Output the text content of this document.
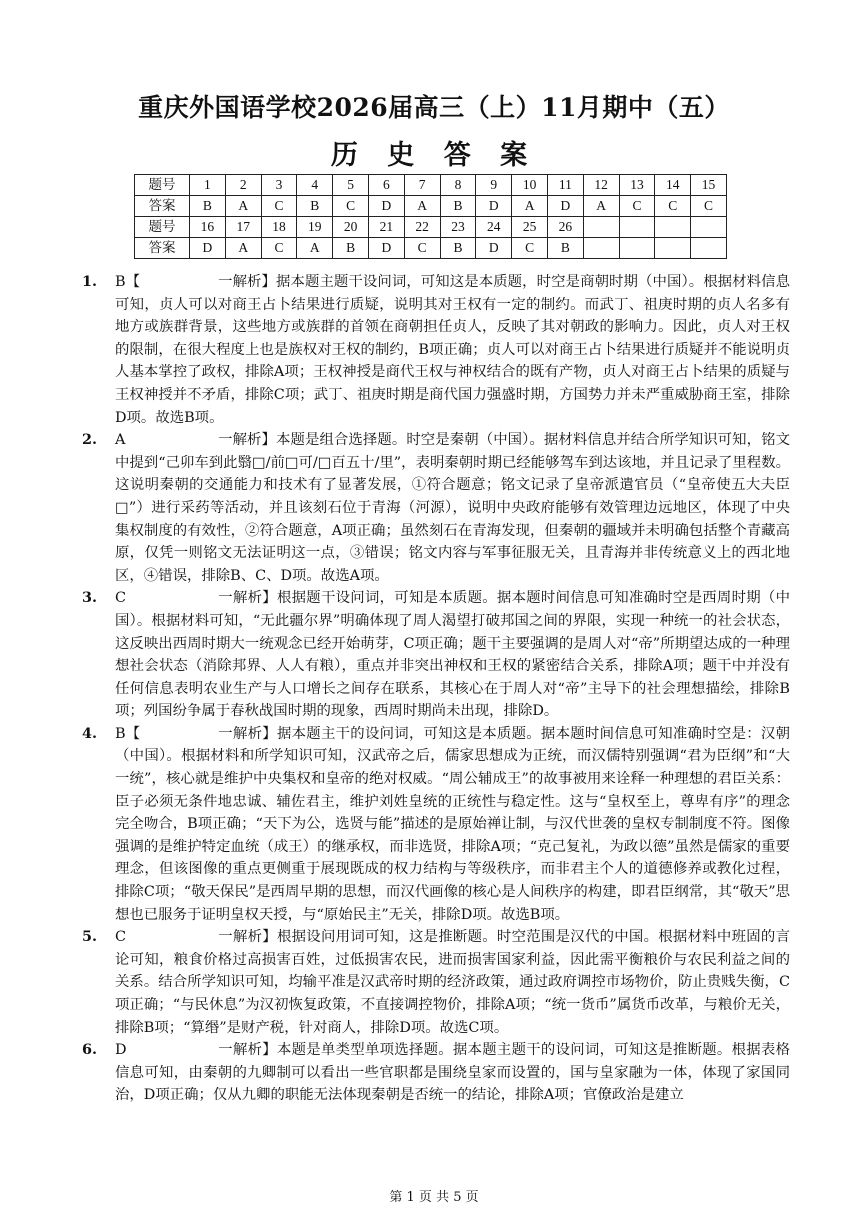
重庆外国语学校2026届高三（上）11月期中（五）
历 史 答 案
题号	1	2	3	4	5	6	7	8	9	10	11	12	13	14	15
答案	B	A	C	B	C	D	A	B	D	A	D	A	C	C	C
题号	16	17	18	19	20	21	22	23	24	25	26				
答案	D	A	C	A	B	D	C	B	D	C	B				

1. B【	一解析】据本题主题干设问词，可知这是本质题，时空是商朝时期（中国）。根据材料信息可知，贞人可以对商王占卜结果进行质疑，说明其对王权有一定的制约。而武丁、祖庚时期的贞人名多有地方或族群背景，这些地方或族群的首领在商朝担任贞人，反映了其对朝政的影响力。因此，贞人对王权的限制，在很大程度上也是族权对王权的制约，B项正确；贞人可以对商王占卜结果进行质疑并不能说明贞人基本掌控了政权，排除A项；王权神授是商代王权与神权结合的既有产物，贞人对商王占卜结果的质疑与王权神授并不矛盾，排除C项；武丁、祖庚时期是商代国力强盛时期，方国势力并未严重威胁商王室，排除D项。故选B项。

2. A	一解析】本题是组合选择题。时空是秦朝（中国）。据材料信息并结合所学知识可知，铭文中提到“己卯车到此翳□/前□可/□百五十/里”，表明秦朝时期已经能够驾车到达该地，并且记录了里程数。这说明秦朝的交通能力和技术有了显著发展，①符合题意；铭文记录了皇帝派遣官员（“皇帝使五大夫臣□”）进行采药等活动，并且该刻石位于青海（河源），说明中央政府能够有效管理边远地区，体现了中央集权制度的有效性，②符合题意，A项正确；虽然刻石在青海发现，但秦朝的疆域并未明确包括整个青藏高原，仅凭一则铭文无法证明这一点，③错误；铭文内容与军事征服无关，且青海并非传统意义上的西北地区，④错误，排除B、C、D项。故选A项。

3. C	一解析】根据题干设问词，可知是本质题。据本题时间信息可知准确时空是西周时期（中国）。根据材料可知，“无此疆尔界”明确体现了周人渴望打破邦国之间的界限，实现一种统一的社会状态，这反映出西周时期大一统观念已经开始萌芽，C项正确；题干主要强调的是周人对“帝”所期望达成的一种理想社会状态（消除邦界、人人有粮），重点并非突出神权和王权的紧密结合关系，排除A项；题干中并没有任何信息表明农业生产与人口增长之间存在联系，其核心在于周人对“帝”主导下的社会理想描绘，排除B项；列国纷争属于春秋战国时期的现象，西周时期尚未出现，排除D。

4. B【	一解析】据本题主干的设问词，可知这是本质题。据本题时间信息可知准确时空是：汉朝（中国）。根据材料和所学知识可知，汉武帝之后，儒家思想成为正统，而汉儒特别强调“君为臣纲”和“大一统”，核心就是维护中央集权和皇帝的绝对权威。“周公辅成王”的故事被用来诠释一种理想的君臣关系：臣子必须无条件地忠诚、辅佐君主，维护刘姓皇统的正统性与稳定性。这与“皇权至上，尊卑有序”的理念完全吻合，B项正确；“天下为公，选贤与能”描述的是原始禅让制，与汉代世袭的皇权专制制度不符。图像强调的是维护特定血统（成王）的继承权，而非选贤，排除A项；“克己复礼，为政以德”虽然是儒家的重要理念，但该图像的重点更侧重于展现既成的权力结构与等级秩序，而非君主个人的道德修养或教化过程，排除C项；“敬天保民”是西周早期的思想，而汉代画像的核心是人间秩序的构建，即君臣纲常，其“敬天”思想也已服务于证明皇权天授，与“原始民主”无关，排除D项。故选B项。

5. C	一解析】根据设问用词可知，这是推断题。时空范围是汉代的中国。根据材料中班固的言论可知，粮食价格过高损害百姓，过低损害农民，进而损害国家利益，因此需平衡粮价与农民利益之间的关系。结合所学知识可知，均输平准是汉武帝时期的经济政策，通过政府调控市场物价，防止贵贱失衡，C项正确；“与民休息”为汉初恢复政策，不直接调控物价，排除A项；“统一货币”属货币改革，与粮价无关，排除B项；“算缗”是财产税，针对商人，排除D项。故选C项。

6. D	一解析】本题是单类型单项选择题。据本题主题干的设问词，可知这是推断题。根据表格信息可知，由秦朝的九卿制可以看出一些官职都是围绕皇家而设置的，国与皇家融为一体，体现了家国同治，D项正确；仅从九卿的职能无法体现秦朝是否统一的结论，排除A项；官僚政治是建立

第 1 页 共 5 页
